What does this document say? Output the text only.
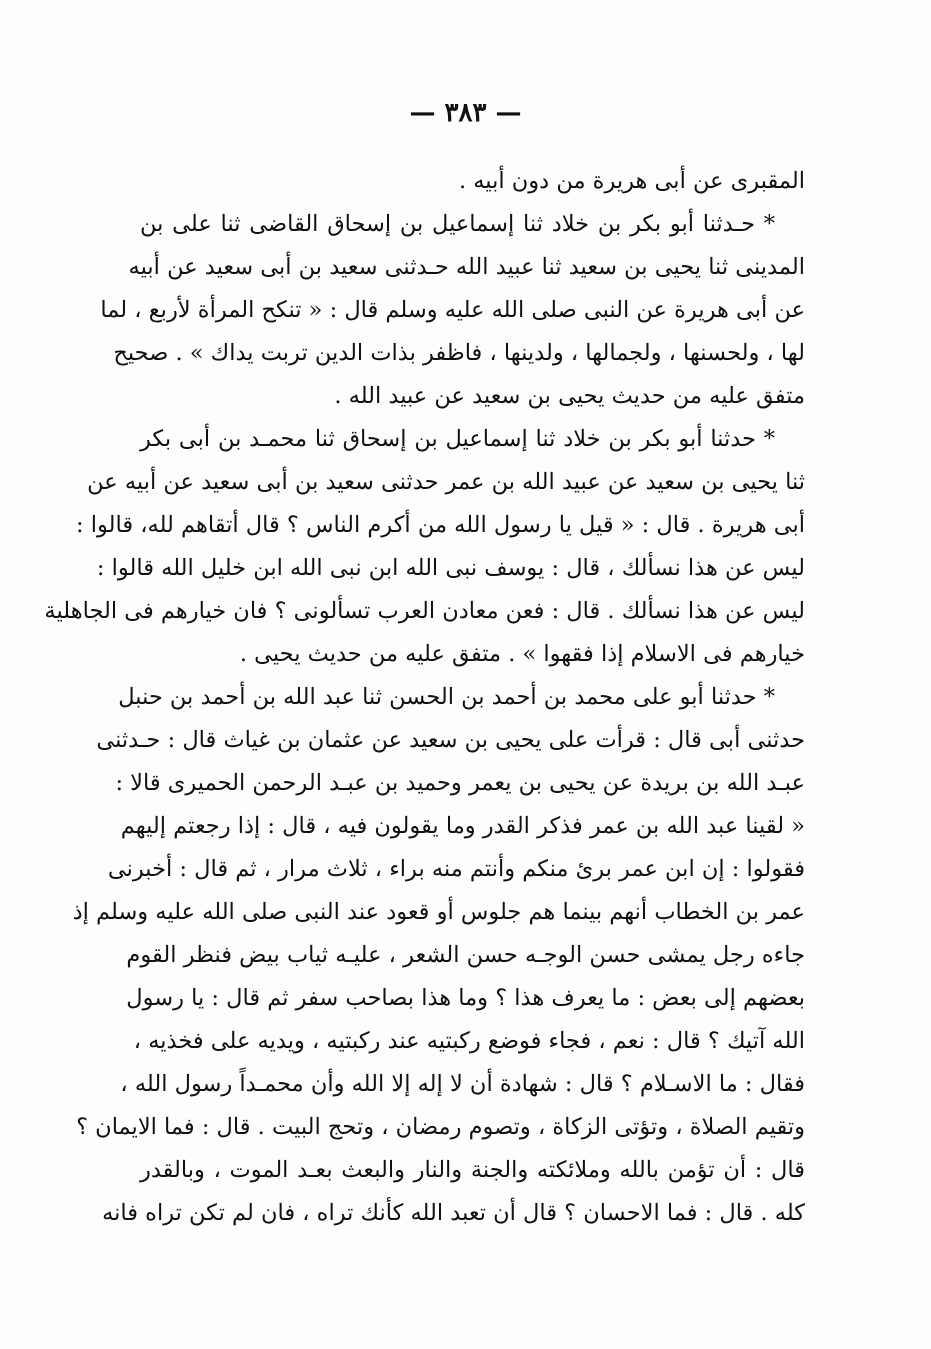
— ٣٨٣ —
المقبرى عن أبى هريرة من دون أبيه .
* حـدثنا أبو بكر بن خلاد ثنا إسماعيل بن إسحاق القاضى ثنا على بن
المدينى ثنا يحيى بن سعيد ثنا عبيد الله حـدثنى سعيد بن أبى سعيد عن أبيه
عن أبى هريرة عن النبى صلى الله عليه وسلم قال : « تنكح المرأة لأربع ، لما
لها ، ولحسنها ، ولجمالها ، ولدينها ، فاظفر بذات الدين تربت يداك » . صحيح
متفق عليه من حديث يحيى بن سعيد عن عبيد الله .
* حدثنا أبو بكر بن خلاد ثنا إسماعيل بن إسحاق ثنا محمـد بن أبى بكر
ثنا يحيى بن سعيد عن عبيد الله بن عمر حدثنى سعيد بن أبى سعيد عن أبيه عن
أبى هريرة . قال : « قيل يا رسول الله من أكرم الناس ؟ قال أتقاهم لله، قالوا :
ليس عن هذا نسألك ، قال : يوسف نبى الله ابن نبى الله ابن خليل الله قالوا :
ليس عن هذا نسألك . قال : فعن معادن العرب تسألونى ؟ فان خيارهم فى الجاهلية
خيارهم فى الاسلام إذا فقهوا » . متفق عليه من حديث يحيى .
* حدثنا أبو على محمد بن أحمد بن الحسن ثنا عبد الله بن أحمد بن حنبل
حدثنى أبى قال : قرأت على يحيى بن سعيد عن عثمان بن غياث قال : حـدثنى
عبـد الله بن بريدة عن يحيى بن يعمر وحميد بن عبـد الرحمن الحميرى قالا :
« لقينا عبد الله بن عمر فذكر القدر وما يقولون فيه ، قال : إذا رجعتم إليهم
فقولوا : إن ابن عمر برئ منكم وأنتم منه براء ، ثلاث مرار ، ثم قال : أخبرنى
عمر بن الخطاب أنهم بينما هم جلوس أو قعود عند النبى صلى الله عليه وسلم إذ
جاءه رجل يمشى حسن الوجـه حسن الشعر ، عليـه ثياب بيض فنظر القوم
بعضهم إلى بعض : ما يعرف هذا ؟ وما هذا بصاحب سفر ثم قال : يا رسول
الله آتيك ؟ قال : نعم ، فجاء فوضع ركبتيه عند ركبتيه ، ويديه على فخذيه ،
فقال : ما الاسـلام ؟ قال : شهادة أن لا إله إلا الله وأن محمـداً رسول الله ،
وتقيم الصلاة ، وتؤتى الزكاة ، وتصوم رمضان ، وتحج البيت . قال : فما الايمان ؟
قال : أن تؤمن بالله وملائكته والجنة والنار والبعث بعـد الموت ، وبالقدر
كله . قال : فما الاحسان ؟ قال أن تعبد الله كأنك تراه ، فان لم تكن تراه فانه
